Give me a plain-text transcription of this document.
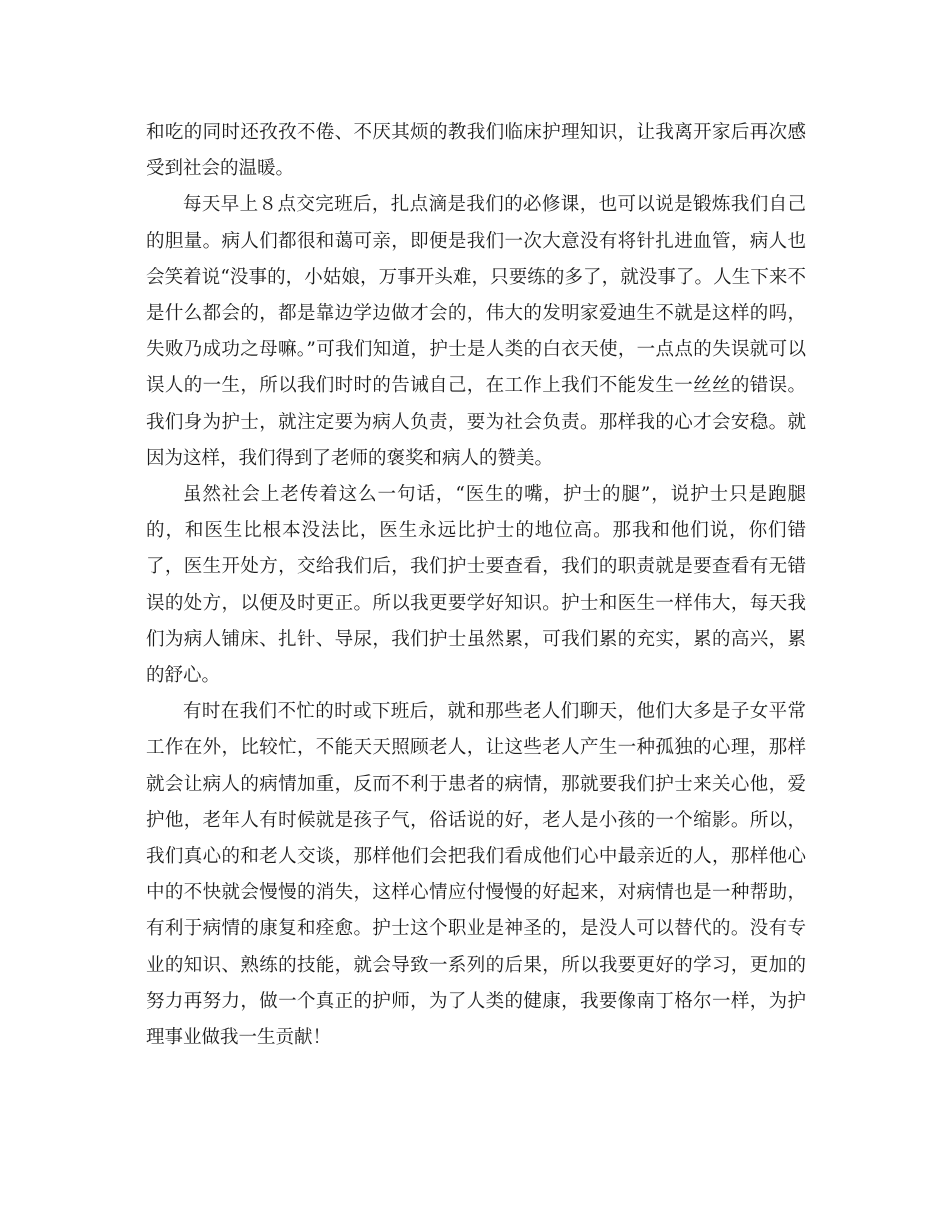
和吃的同时还孜孜不倦、不厌其烦的教我们临床护理知识，让我离开家后再次感受到社会的温暖。

每天早上８点交完班后，扎点滴是我们的必修课，也可以说是锻炼我们自己的胆量。病人们都很和蔼可亲，即便是我们一次大意没有将针扎进血管，病人也会笑着说“没事的，小姑娘，万事开头难，只要练的多了，就没事了。人生下来不是什么都会的，都是靠边学边做才会的，伟大的发明家爱迪生不就是这样的吗，失败乃成功之母嘛。”可我们知道，护士是人类的白衣天使，一点点的失误就可以误人的一生，所以我们时时的告诫自己，在工作上我们不能发生一丝丝的错误。我们身为护士，就注定要为病人负责，要为社会负责。那样我的心才会安稳。就因为这样，我们得到了老师的褒奖和病人的赞美。

虽然社会上老传着这么一句话，“医生的嘴，护士的腿”，说护士只是跑腿的，和医生比根本没法比，医生永远比护士的地位高。那我和他们说，你们错了，医生开处方，交给我们后，我们护士要查看，我们的职责就是要查看有无错误的处方，以便及时更正。所以我更要学好知识。护士和医生一样伟大，每天我们为病人铺床、扎针、导尿，我们护士虽然累，可我们累的充实，累的高兴，累的舒心。

有时在我们不忙的时或下班后，就和那些老人们聊天，他们大多是子女平常工作在外，比较忙，不能天天照顾老人，让这些老人产生一种孤独的心理，那样就会让病人的病情加重，反而不利于患者的病情，那就要我们护士来关心他，爱护他，老年人有时候就是孩子气，俗话说的好，老人是小孩的一个缩影。所以，我们真心的和老人交谈，那样他们会把我们看成他们心中最亲近的人，那样他心中的不快就会慢慢的消失，这样心情应付慢慢的好起来，对病情也是一种帮助，有利于病情的康复和痊愈。护士这个职业是神圣的，是没人可以替代的。没有专业的知识、熟练的技能，就会导致一系列的后果，所以我要更好的学习，更加的努力再努力，做一个真正的护师，为了人类的健康，我要像南丁格尔一样，为护理事业做我一生贡献！
